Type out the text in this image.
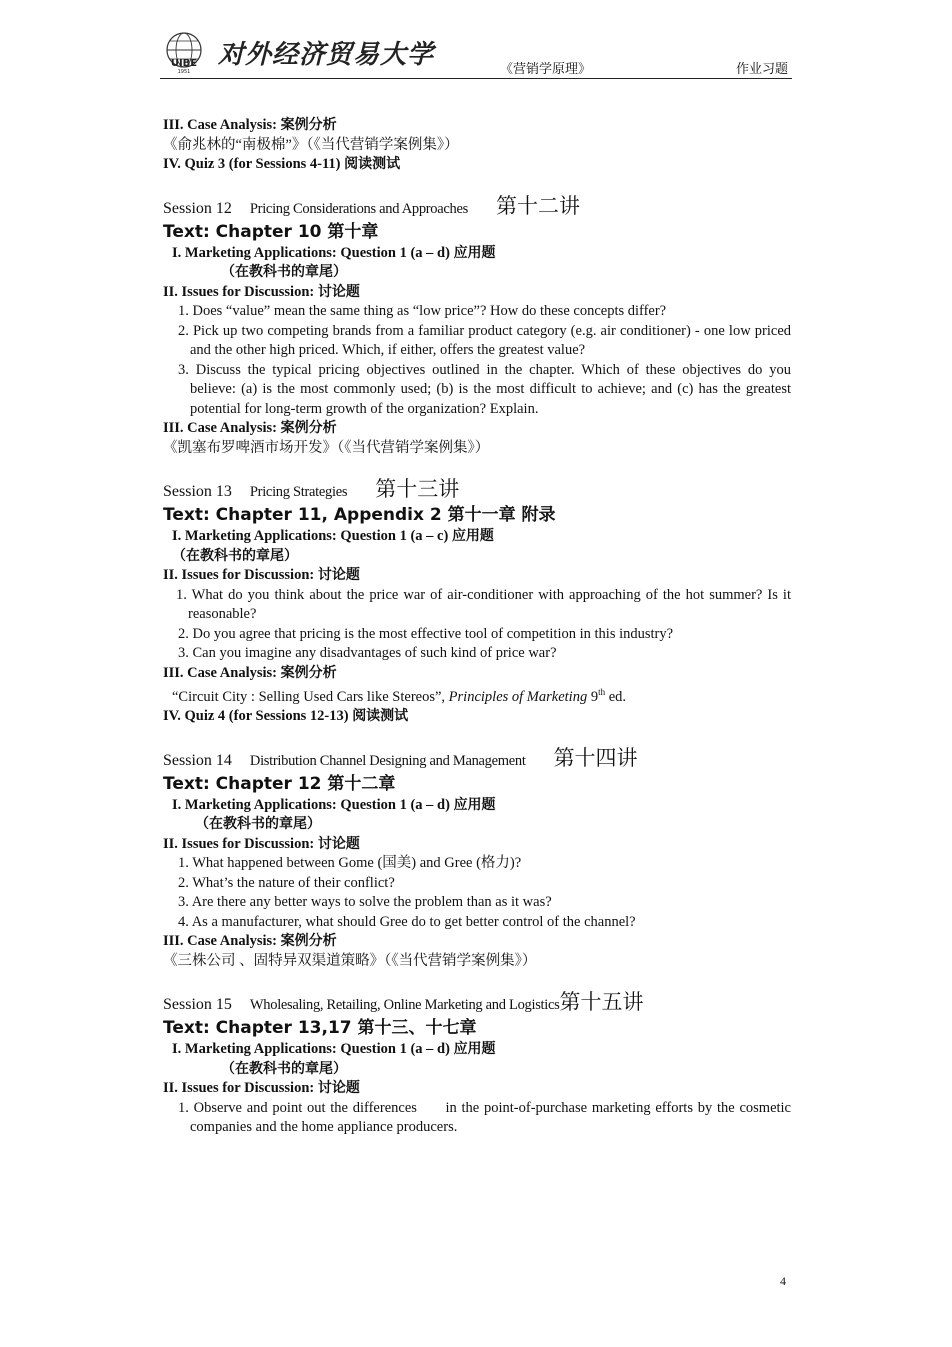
UIBE
1951
对外经济贸易大学	《营销学原理》	作业习题
III. Case Analysis: 案例分析
《俞兆林的“南极棉”》（《当代营销学案例集》）
IV. Quiz 3 (for Sessions 4-11) 阅读测试
Session 12 Pricing Considerations and Approaches 第十二讲
Text: Chapter 10 第十章
I. Marketing Applications: Question 1 (a – d) 应用题
（在教科书的章尾）
II. Issues for Discussion: 讨论题
1. Does “value” mean the same thing as “low price”? How do these concepts differ?
2. Pick up two competing brands from a familiar product category (e.g. air conditioner) - one low priced and the other high priced. Which, if either, offers the greatest value?
3. Discuss the typical pricing objectives outlined in the chapter. Which of these objectives do you believe: (a) is the most commonly used; (b) is the most difficult to achieve; and (c) has the greatest potential for long-term growth of the organization? Explain.
III. Case Analysis: 案例分析
《凯塞布罗啤酒市场开发》（《当代营销学案例集》）
Session 13 Pricing Strategies 第十三讲
Text: Chapter 11, Appendix 2 第十一章 附录
I. Marketing Applications: Question 1 (a – c) 应用题
（在教科书的章尾）
II. Issues for Discussion: 讨论题
1. What do you think about the price war of air-conditioner with approaching of the hot summer? Is it reasonable?
2. Do you agree that pricing is the most effective tool of competition in this industry?
3. Can you imagine any disadvantages of such kind of price war?
III. Case Analysis: 案例分析
“Circuit City : Selling Used Cars like Stereos”, Principles of Marketing 9th ed.
IV. Quiz 4 (for Sessions 12-13) 阅读测试
Session 14 Distribution Channel Designing and Management 第十四讲
Text: Chapter 12 第十二章
I. Marketing Applications: Question 1 (a – d) 应用题
（在教科书的章尾）
II. Issues for Discussion: 讨论题
1. What happened between Gome (国美) and Gree (格力)?
2. What’s the nature of their conflict?
3. Are there any better ways to solve the problem than as it was?
4. As a manufacturer, what should Gree do to get better control of the channel?
III. Case Analysis: 案例分析
《三株公司 、固特异双渠道策略》（《当代营销学案例集》）
Session 15 Wholesaling, Retailing, Online Marketing and Logistics 第十五讲
Text: Chapter 13,17 第十三、十七章
I. Marketing Applications: Question 1 (a – d) 应用题
（在教科书的章尾）
II. Issues for Discussion: 讨论题
1. Observe and point out the differences      in the point-of-purchase marketing efforts by the cosmetic companies and the home appliance producers.
4
